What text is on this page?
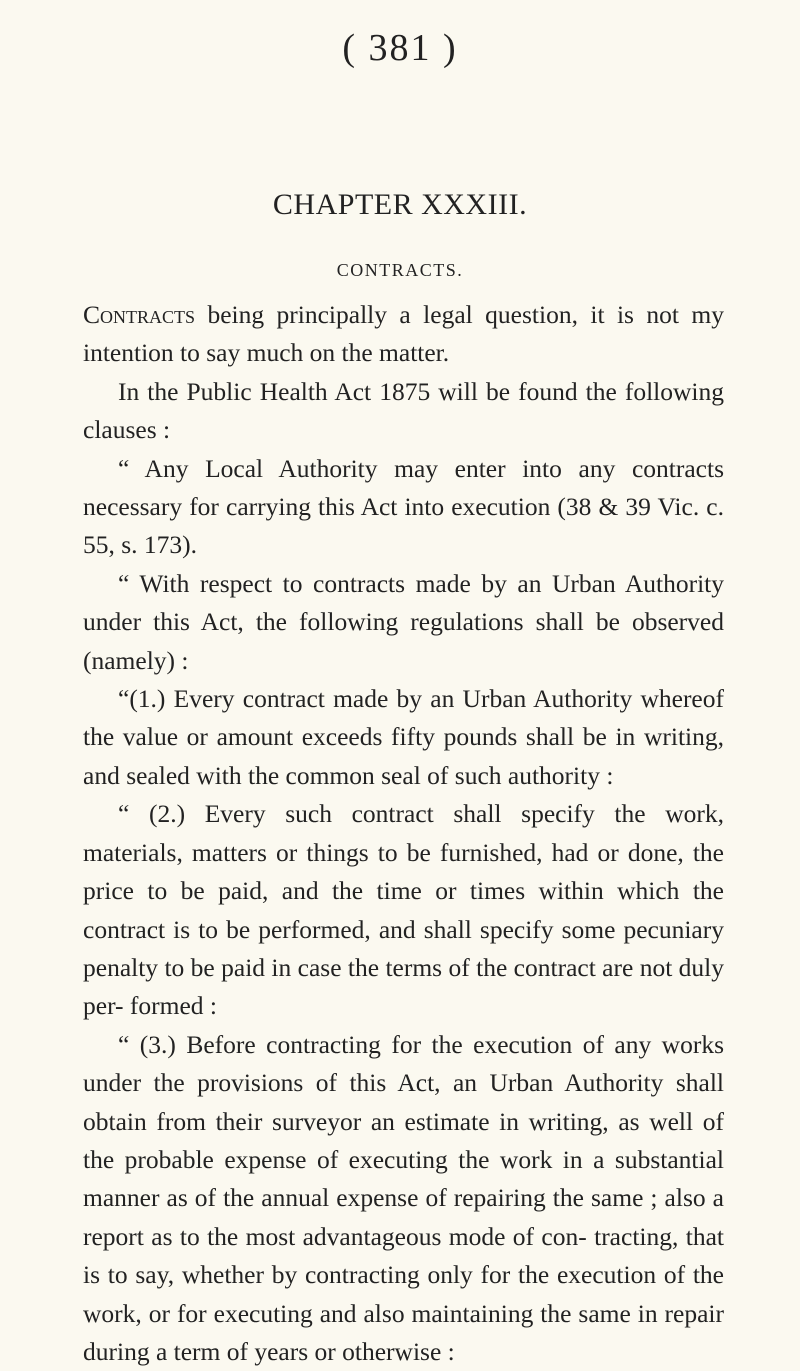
( 381 )
CHAPTER XXXIII.
CONTRACTS.

Contracts being principally a legal question, it is not my intention to say much on the matter.

In the Public Health Act 1875 will be found the following clauses :

“ Any Local Authority may enter into any contracts necessary for carrying this Act into execution (38 & 39 Vic. c. 55, s. 173).

“ With respect to contracts made by an Urban Authority under this Act, the following regulations shall be observed (namely) :

“(1.) Every contract made by an Urban Authority whereof the value or amount exceeds fifty pounds shall be in writing, and sealed with the common seal of such authority :

“ (2.) Every such contract shall specify the work, materials, matters or things to be furnished, had or done, the price to be paid, and the time or times within which the contract is to be performed, and shall specify some pecuniary penalty to be paid in case the terms of the contract are not duly per- formed :

“ (3.) Before contracting for the execution of any works under the provisions of this Act, an Urban Authority shall obtain from their surveyor an estimate in writing, as well of the probable expense of executing the work in a substantial manner as of the annual expense of repairing the same ; also a report as to the most advantageous mode of con- tracting, that is to say, whether by contracting only for the execution of the work, or for executing and also maintaining the same in repair during a term of years or otherwise :
